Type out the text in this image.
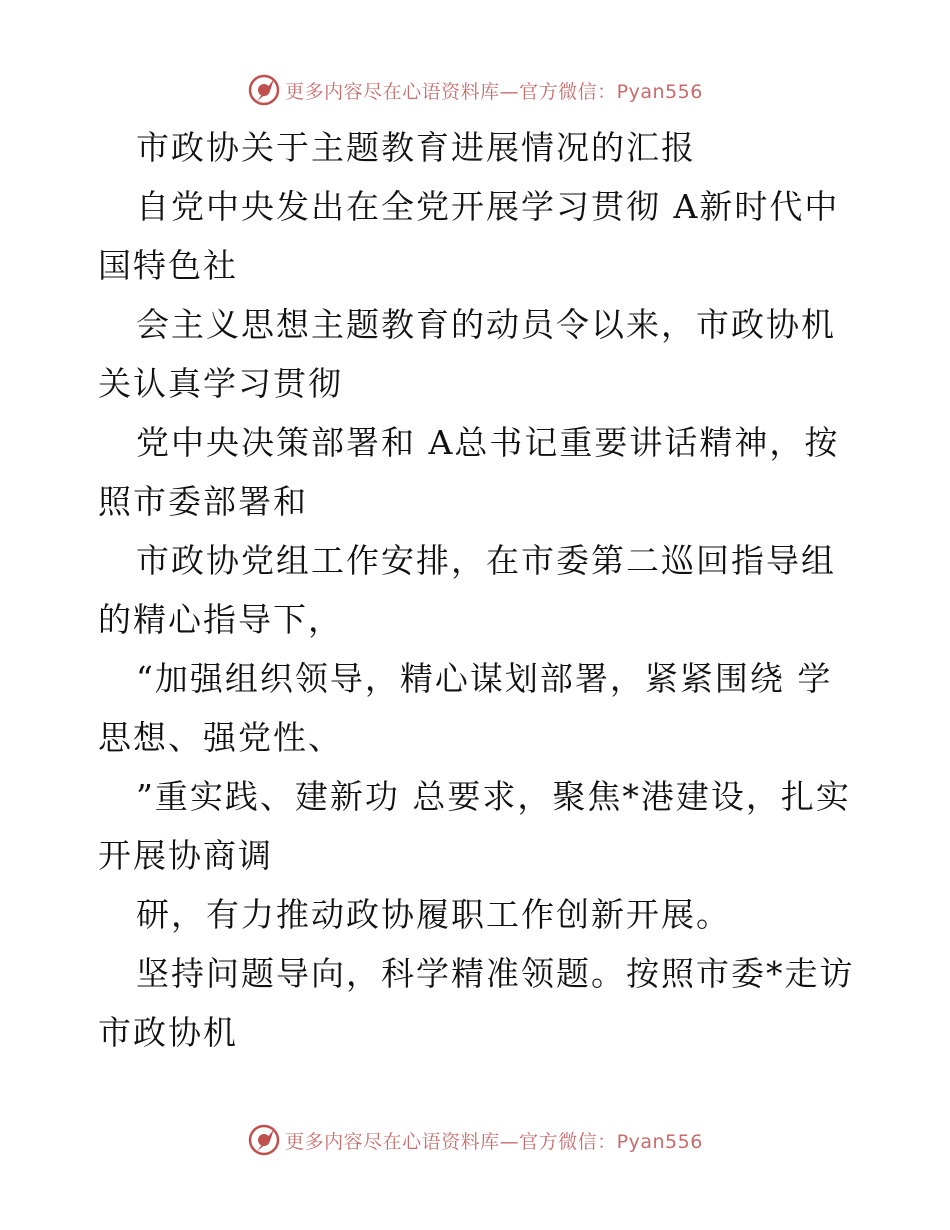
更多内容尽在心语资料库—官方微信：Pyan556

市政协关于主题教育进展情况的汇报

自党中央发出在全党开展学习贯彻 A新时代中国特色社

会主义思想主题教育的动员令以来，市政协机关认真学习贯彻

党中央决策部署和 A总书记重要讲话精神，按照市委部署和

市政协党组工作安排，在市委第二巡回指导组的精心指导下，

“加强组织领导，精心谋划部署，紧紧围绕 学思想、强党性、

”重实践、建新功 总要求，聚焦*港建设，扎实开展协商调

研，有力推动政协履职工作创新开展。

坚持问题导向，科学精准领题。按照市委*走访市政协机

更多内容尽在心语资料库—官方微信：Pyan556
